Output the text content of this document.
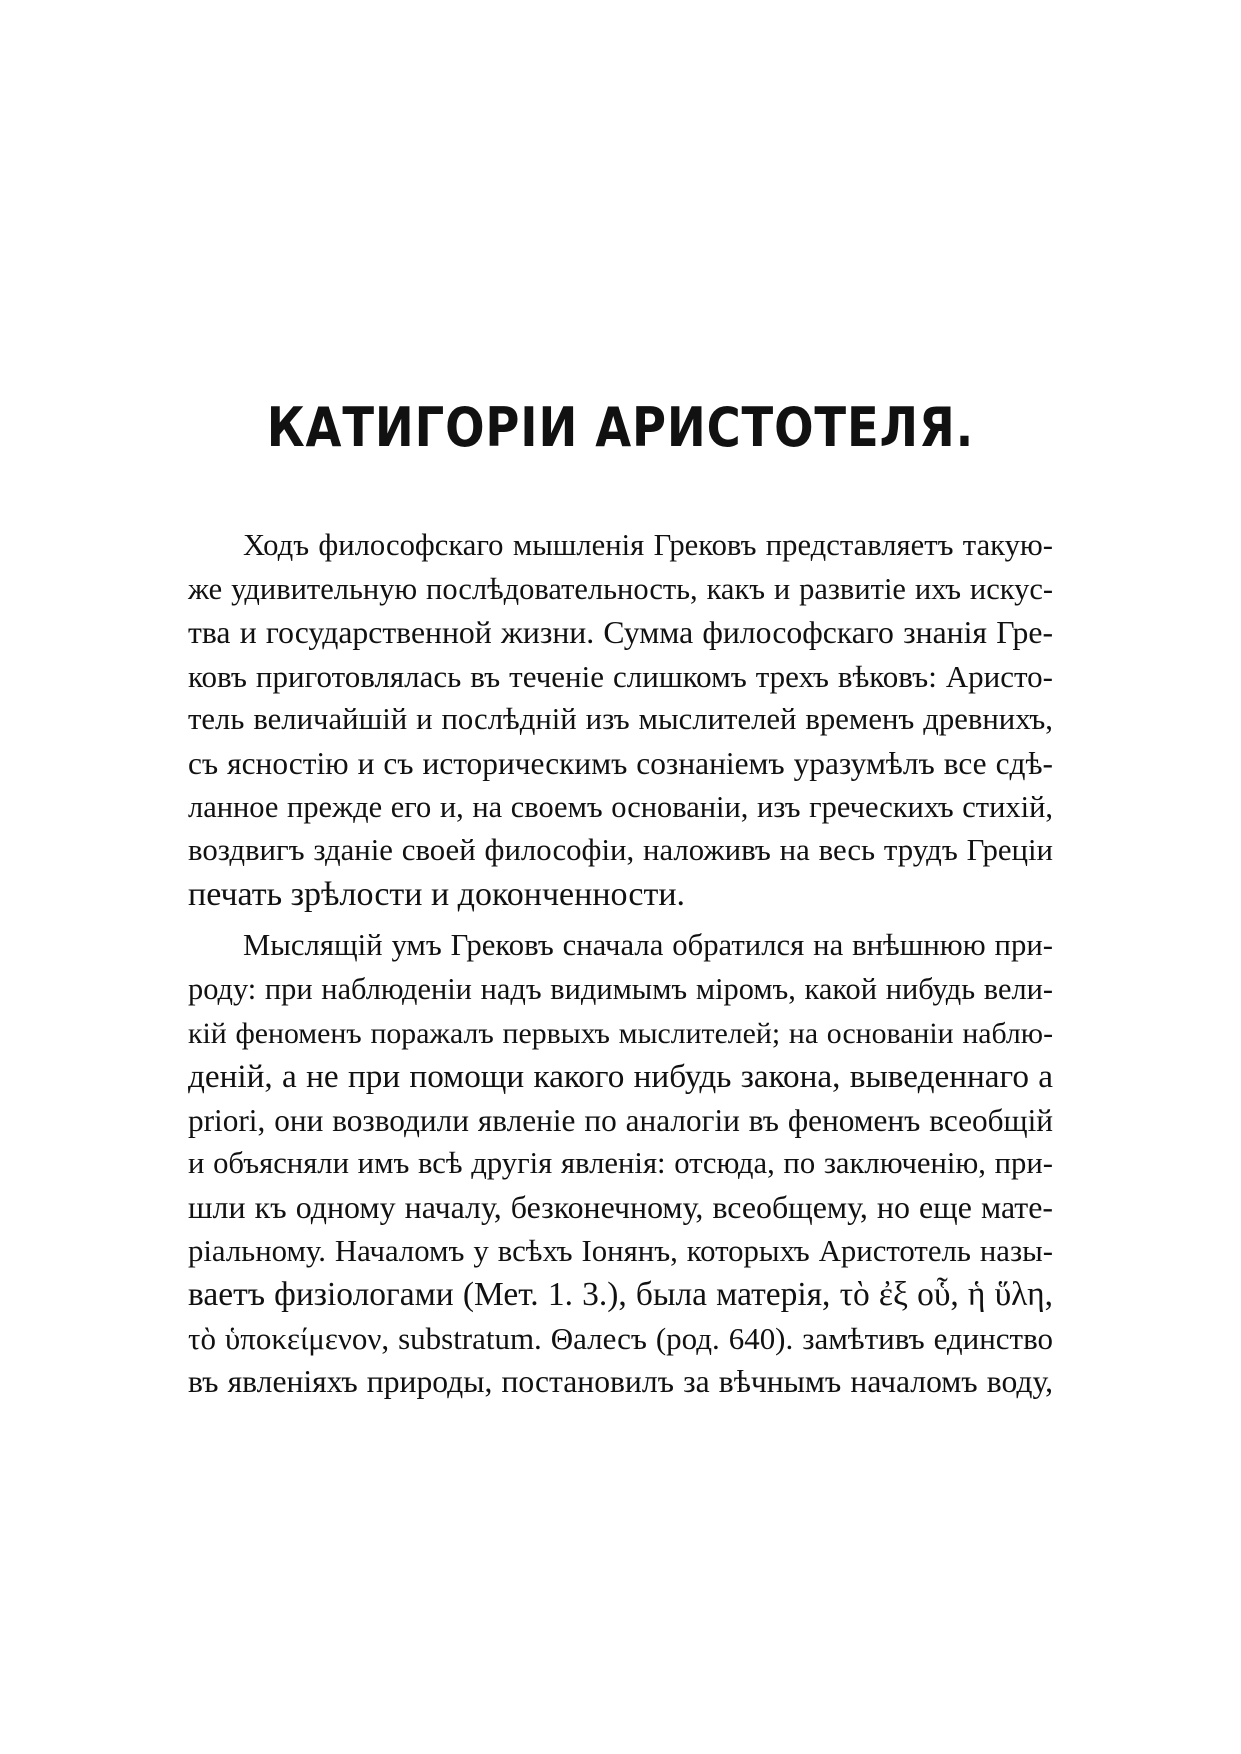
КАТИГОРІИ АРИСТОТЕЛЯ.
Ходъ философскаго мышленія Грековъ представляетъ такую-
же удивительную послѣдовательность, какъ и развитіе ихъ искус-
тва и государственной жизни. Сумма философскаго знанія Гре-
ковъ приготовлялась въ теченіе слишкомъ трехъ вѣковъ: Аристо-
тель величайшій и послѣдній изъ мыслителей временъ древнихъ,
съ ясностію и съ историческимъ сознаніемъ уразумѣлъ все сдѣ-
ланное прежде его и, на своемъ основаніи, изъ греческихъ стихій,
воздвигъ зданіе своей философіи, наложивъ на весь трудъ Греціи
печать зрѣлости и доконченности.
Мыслящій умъ Грековъ сначала обратился на внѣшнюю при-
роду: при наблюденіи надъ видимымъ міромъ, какой нибудь вели-
кій феноменъ поражалъ первыхъ мыслителей; на основаніи наблю-
деній, а не при помощи какого нибудь закона, выведеннаго a
priori, они возводили явленіе по аналогіи въ феноменъ всеобщій
и объясняли имъ всѣ другія явленія: отсюда, по заключенію, при-
шли къ одному началу, безконечному, всеобщему, но еще мате-
ріальному. Началомъ у всѣхъ Іонянъ, которыхъ Аристотель назы-
ваетъ физіологами (Мет. 1. 3.), была матерія, τὸ ἐξ οὗ, ἡ ὕλη,
τὸ ὑποκείμενον, substratum. Θалесъ (род. 640). замѣтивъ единство
въ явленіяхъ природы, постановилъ за вѣчнымъ началомъ воду,
